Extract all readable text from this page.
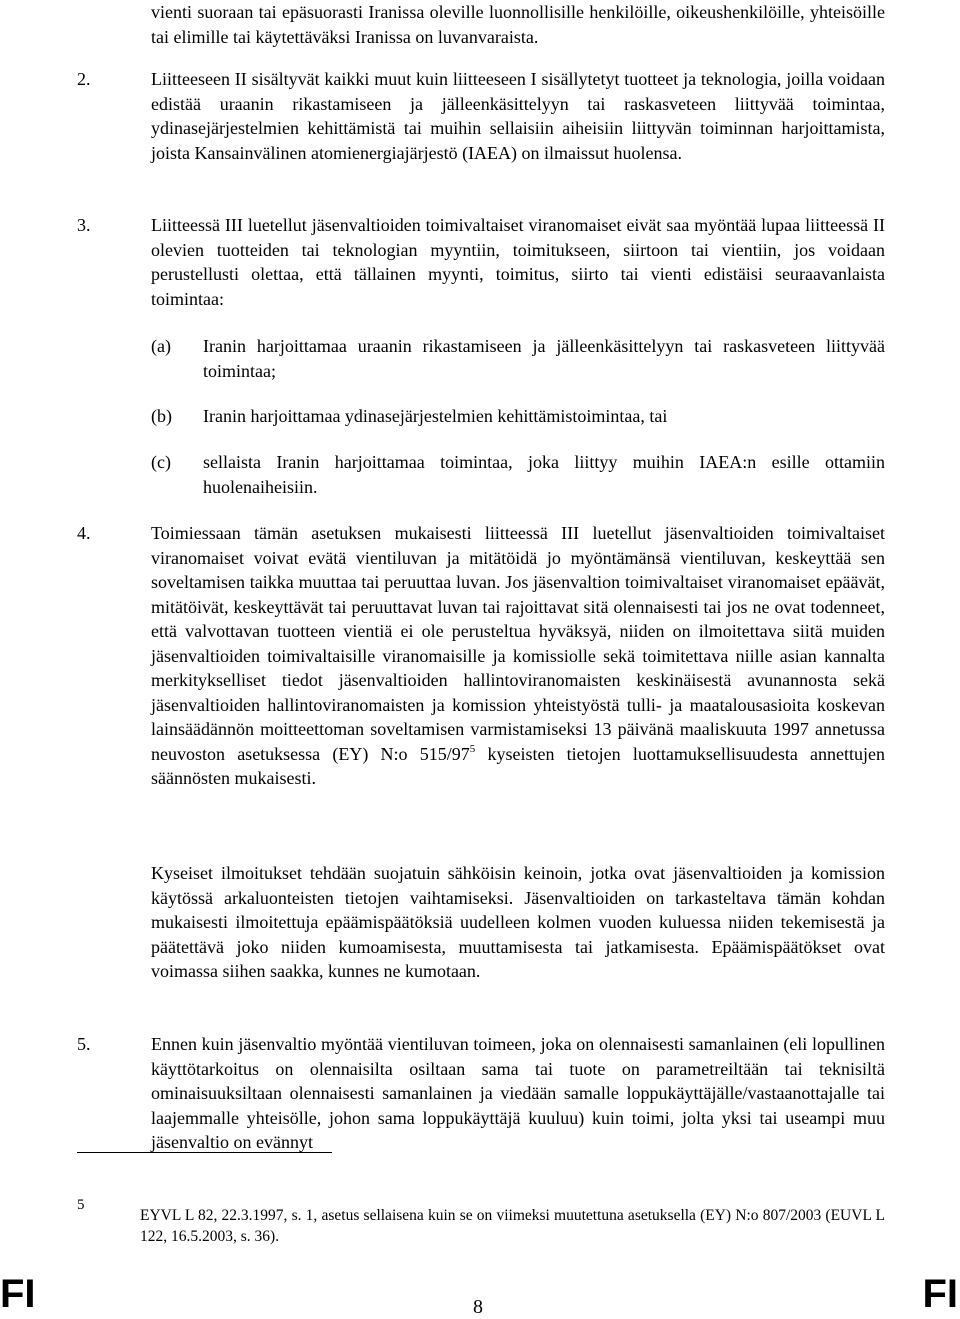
vienti suoraan tai epäsuorasti Iranissa oleville luonnollisille henkilöille, oikeushenkilöille, yhteisöille tai elimille tai käytettäväksi Iranissa on luvanvaraista.
2.	Liitteeseen II sisältyvät kaikki muut kuin liitteeseen I sisällytetyt tuotteet ja teknologia, joilla voidaan edistää uraanin rikastamiseen ja jälleenkäsittelyyn tai raskasveteen liittyvää toimintaa, ydinasejärjestelmien kehittämistä tai muihin sellaisiin aiheisiin liittyvän toiminnan harjoittamista, joista Kansainvälinen atomienergiajärjestö (IAEA) on ilmaissut huolensa.
3.	Liitteessä III luetellut jäsenvaltioiden toimivaltaiset viranomaiset eivät saa myöntää lupaa liitteessä II olevien tuotteiden tai teknologian myyntiin, toimitukseen, siirtoon tai vientiin, jos voidaan perustellusti olettaa, että tällainen myynti, toimitus, siirto tai vienti edistäisi seuraavanlaista toimintaa:
(a) Iranin harjoittamaa uraanin rikastamiseen ja jälleenkäsittelyyn tai raskasveteen liittyvää toimintaa;
(b) Iranin harjoittamaa ydinasejärjestelmien kehittämistoimintaa, tai
(c) sellaista Iranin harjoittamaa toimintaa, joka liittyy muihin IAEA:n esille ottamiin huolenaiheisiin.
4.	Toimiessaan tämän asetuksen mukaisesti liitteessä III luetellut jäsenvaltioiden toimivaltaiset viranomaiset voivat evätä vientiluvan ja mitätöidä jo myöntämänsä vientiluvan, keskeyttää sen soveltamisen taikka muuttaa tai peruuttaa luvan. Jos jäsenvaltion toimivaltaiset viranomaiset epäävät, mitätöivät, keskeyttävät tai peruuttavat luvan tai rajoittavat sitä olennaisesti tai jos ne ovat todenneet, että valvottavan tuotteen vientiä ei ole perusteltua hyväksyä, niiden on ilmoitettava siitä muiden jäsenvaltioiden toimivaltaisille viranomaisille ja komissiolle sekä toimitettava niille asian kannalta merkitykselliset tiedot jäsenvaltioiden hallintoviranomaisten keskinäisestä avunannosta sekä jäsenvaltioiden hallintoviranomaisten ja komission yhteistyöstä tulli- ja maatalousasioita koskevan lainsäädännön moitteettoman soveltamisen varmistamiseksi 13 päivänä maaliskuuta 1997 annetussa neuvoston asetuksessa (EY) N:o $515/97^5$ kyseisten tietojen luottamuksellisuudesta annettujen säännösten mukaisesti.
Kyseiset ilmoitukset tehdään suojatuin sähköisin keinoin, jotka ovat jäsenvaltioiden ja komission käytössä arkaluonteisten tietojen vaihtamiseksi. Jäsenvaltioiden on tarkasteltava tämän kohdan mukaisesti ilmoitettuja epäämispäätöksiä uudelleen kolmen vuoden kuluessa niiden tekemisestä ja päätettävä joko niiden kumoamisesta, muuttamisesta tai jatkamisesta. Epäämispäätökset ovat voimassa siihen saakka, kunnes ne kumotaan.
5.	Ennen kuin jäsenvaltio myöntää vientiluvan toimeen, joka on olennaisesti samanlainen (eli lopullinen käyttötarkoitus on olennaisilta osiltaan sama tai tuote on parametreiltään tai teknisiltä ominaisuuksiltaan olennaisesti samanlainen ja viedään samalle loppukäyttäjälle/vastaanottajalle tai laajemmalle yhteisölle, johon sama loppukäyttäjä kuuluu) kuin toimi, jolta yksi tai useampi muu jäsenvaltio on evännyt
5
EYVL L 82, 22.3.1997, s. 1, asetus sellaisena kuin se on viimeksi muutettuna asetuksella (EY) N:o 807/2003 (EUVL L 122, 16.5.2003, s. 36).
FI	8	FI
